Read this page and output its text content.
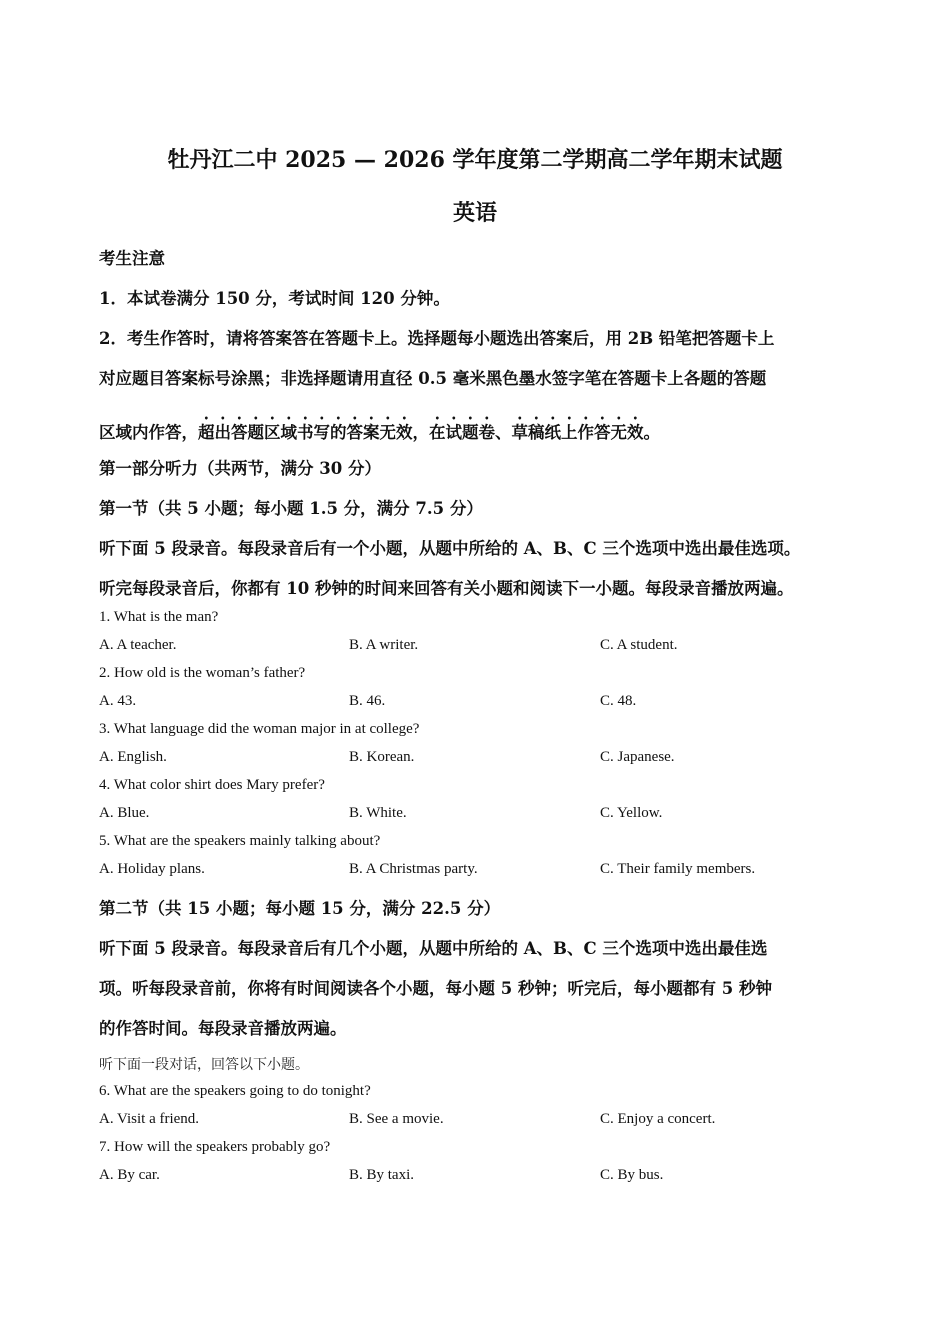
牡丹江二中 2025 — 2026 学年度第二学期高二学年期末试题
英语
考生注意
1．本试卷满分 150 分，考试时间 120 分钟。
2．考生作答时，请将答案答在答题卡上。选择题每小题选出答案后，用 2B 铅笔把答题卡上
对应题目答案标号涂黑；非选择题请用直径 0.5 毫米黑色墨水签字笔在答题卡上各题的答题
区域内作答，超出答题区域书写的答案无效，在试题卷、草稿纸上作答无效。
第一部分听力（共两节，满分 30 分）
第一节（共 5 小题；每小题 1.5 分，满分 7.5 分）
听下面 5 段录音。每段录音后有一个小题，从题中所给的 A、B、C 三个选项中选出最佳选项。
听完每段录音后，你都有 10 秒钟的时间来回答有关小题和阅读下一小题。每段录音播放两遍。
1. What is the man?
A. A teacher.	B. A writer.	C. A student.
2. How old is the woman’s father?
A. 43.	B. 46.	C. 48.
3. What language did the woman major in at college?
A. English.	B. Korean.	C. Japanese.
4. What color shirt does Mary prefer?
A. Blue.	B. White.	C. Yellow.
5. What are the speakers mainly talking about?
A. Holiday plans.	B. A Christmas party.	C. Their family members.
第二节（共 15 小题；每小题 15 分，满分 22.5 分）
听下面 5 段录音。每段录音后有几个小题，从题中所给的 A、B、C 三个选项中选出最佳选
项。听每段录音前，你将有时间阅读各个小题，每小题 5 秒钟；听完后，每小题都有 5 秒钟
的作答时间。每段录音播放两遍。
听下面一段对话，回答以下小题。
6. What are the speakers going to do tonight?
A. Visit a friend.	B. See a movie.	C. Enjoy a concert.
7. How will the speakers probably go?
A. By car.	B. By taxi.	C. By bus.
